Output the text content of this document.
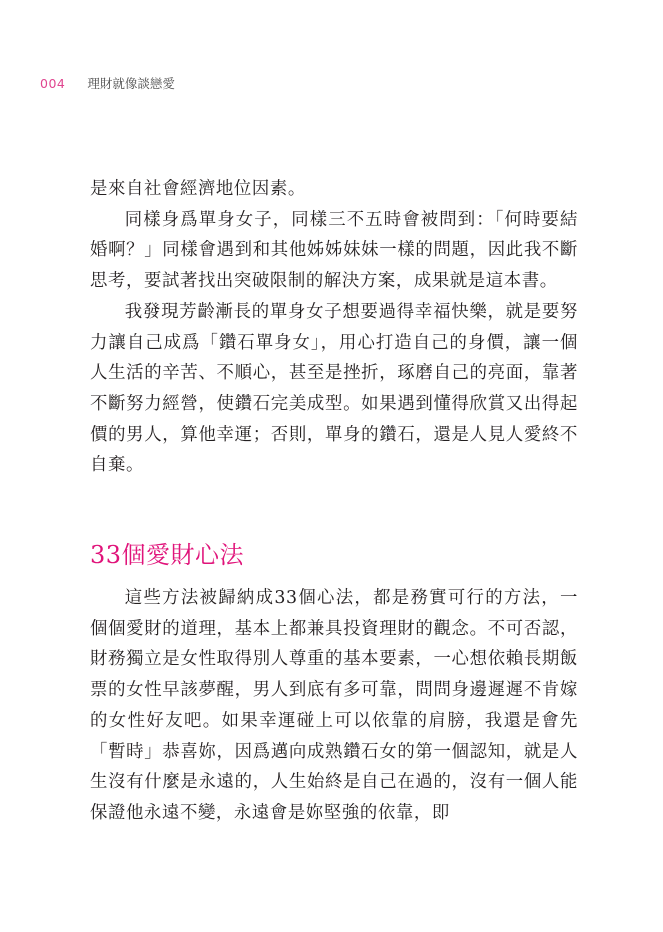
004 理財就像談戀愛

是來自社會經濟地位因素。

同樣身爲單身女子，同樣三不五時會被問到：「何時要結婚啊？」同樣會遇到和其他姊姊妹妹一樣的問題，因此我不斷思考，要試著找出突破限制的解決方案，成果就是這本書。

我發現芳齡漸長的單身女子想要過得幸福快樂，就是要努力讓自己成爲「鑽石單身女」，用心打造自己的身價，讓一個人生活的辛苦、不順心，甚至是挫折，琢磨自己的亮面，靠著不斷努力經營，使鑽石完美成型。如果遇到懂得欣賞又出得起價的男人，算他幸運；否則，單身的鑽石，還是人見人愛終不自棄。

33個愛財心法

這些方法被歸納成33個心法，都是務實可行的方法，一個個愛財的道理，基本上都兼具投資理財的觀念。不可否認，財務獨立是女性取得別人尊重的基本要素，一心想依賴長期飯票的女性早該夢醒，男人到底有多可靠，問問身邊遲遲不肯嫁的女性好友吧。如果幸運碰上可以依靠的肩膀，我還是會先「暫時」恭喜妳，因爲邁向成熟鑽石女的第一個認知，就是人生沒有什麼是永遠的，人生始終是自己在過的，沒有一個人能保證他永遠不變，永遠會是妳堅強的依靠，即
